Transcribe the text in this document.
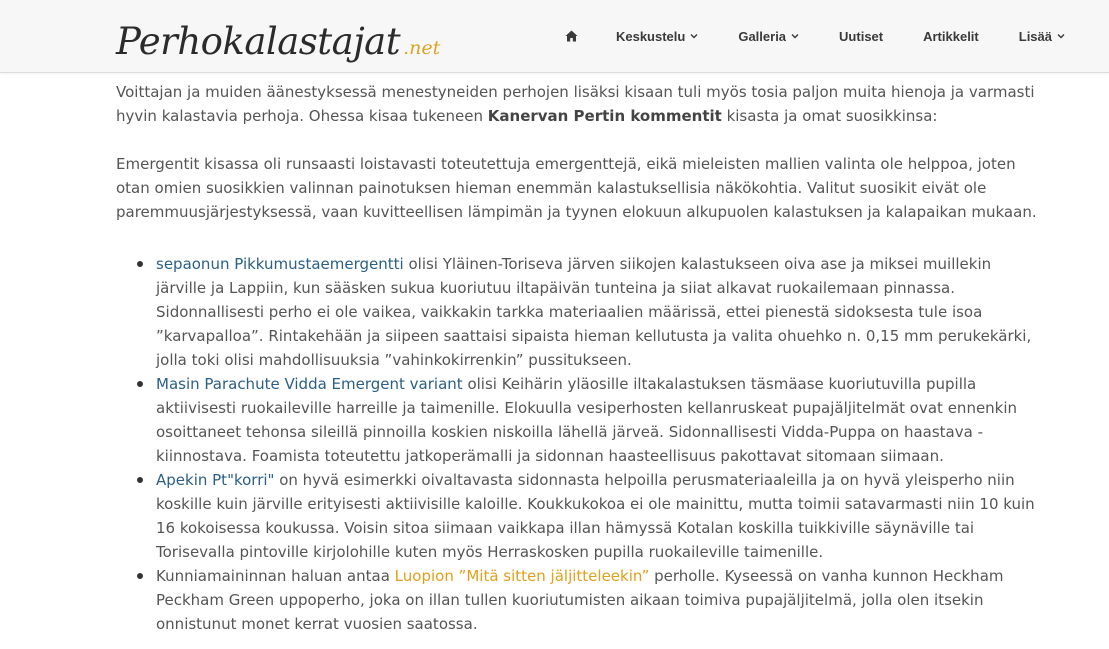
Perhokalastajat .net
Keskustelu	Galleria	Uutiset	Artikkelit	Lisää

Voittajan ja muiden äänestyksessä menestyneiden perhojen lisäksi kisaan tuli myös tosia paljon muita hienoja ja varmasti hyvin kalastavia perhoja. Ohessa kisaa tukeneen Kanervan Pertin kommentit kisasta ja omat suosikkinsa:

Emergentit kisassa oli runsaasti loistavasti toteutettuja emergenttejä, eikä mieleisten mallien valinta ole helppoa, joten otan omien suosikkien valinnan painotuksen hieman enemmän kalastuksellisia näkökohtia. Valitut suosikit eivät ole paremmuusjärjestyksessä, vaan kuvitteellisen lämpimän ja tyynen elokuun alkupuolen kalastuksen ja kalapaikan mukaan.

sepaonun Pikkumustaemergentti olisi Yläinen-Toriseva järven siikojen kalastukseen oiva ase ja miksei muillekin järville ja Lappiin, kun sääsken sukua kuoriutuu iltapäivän tunteina ja siiat alkavat ruokailemaan pinnassa. Sidonnallisesti perho ei ole vaikea, vaikkakin tarkka materiaalien määrissä, ettei pienestä sidoksesta tule isoa ”karvapalloa”. Rintakehään ja siipeen saattaisi sipaista hieman kellutusta ja valita ohuehko n. 0,15 mm perukekärki, jolla toki olisi mahdollisuuksia ”vahinkokirrenkin” pussitukseen.
Masin Parachute Vidda Emergent variant olisi Keihärin yläosille iltakalastuksen täsmäase kuoriutuvilla pupilla aktiivisesti ruokaileville harreille ja taimenille. Elokuulla vesiperhosten kellanruskeat pupajäljitelmät ovat ennenkin osoittaneet tehonsa sileillä pinnoilla koskien niskoilla lähellä järveä. Sidonnallisesti Vidda-Puppa on haastava - kiinnostava. Foamista toteutettu jatkoperämalli ja sidonnan haasteellisuus pakottavat sitomaan siimaan.
Apekin Pt"korri" on hyvä esimerkki oivaltavasta sidonnasta helpoilla perusmateriaaleilla ja on hyvä yleisperho niin koskille kuin järville erityisesti aktiivisille kaloille. Koukkukokoa ei ole mainittu, mutta toimii satavarmasti niin 10 kuin 16 kokoisessa koukussa. Voisin sitoa siimaan vaikkapa illan hämyssä Kotalan koskilla tuikkiville säynäville tai Torisevalla pintoville kirjolohille kuten myös Herraskosken pupilla ruokaileville taimenille.
Kunniamaininnan haluan antaa Luopion ”Mitä sitten jäljitteleekin” perholle. Kyseessä on vanha kunnon Heckham Peckham Green uppoperho, joka on illan tullen kuoriutumisten aikaan toimiva pupajäljitelmä, jolla olen itsekin onnistunut monet kerrat vuosien saatossa.
